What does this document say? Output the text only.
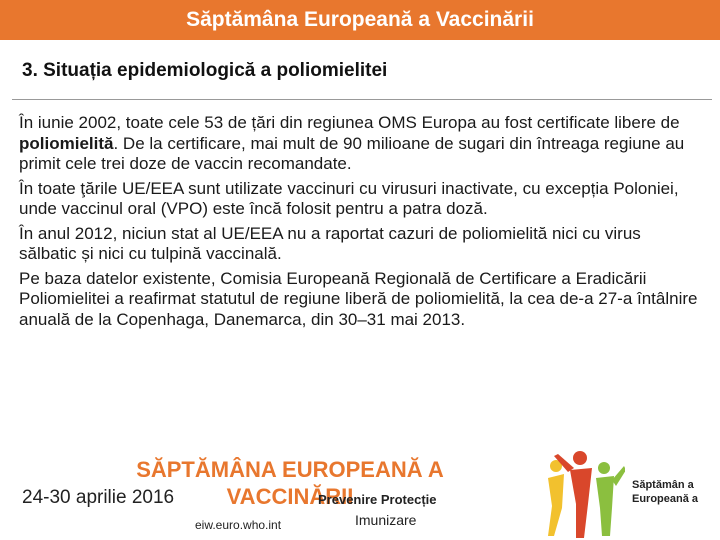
Săptămâna Europeană a Vaccinării
3. Situația epidemiologică a poliomielitei

În iunie 2002, toate cele 53 de țări din regiunea OMS Europa au fost certificate libere de poliomielită. De la certificare, mai mult de 90 milioane de sugari din întreaga regiune au primit cele trei doze de vaccin recomandate.

În toate ţările UE/EEA sunt utilizate vaccinuri cu virusuri inactivate, cu excepția Poloniei, unde vaccinul oral (VPO) este încă folosit pentru a patra doză.

În anul 2012, niciun stat al UE/EEA nu a raportat cazuri de poliomielită nici cu virus sălbatic și nici cu tulpină vaccinală.

Pe baza datelor existente, Comisia Europeană Regională de Certificare a Eradicării Poliomielitei a reafirmat statutul de regiune liberă de poliomielită, la cea de-a 27-a întâlnire anuală de la Copenhaga, Danemarca, din 30–31 mai 2013.

SĂPTĂMÂNA EUROPEANĂ A VACCINĂRII
24-30 aprilie 2016
eiw.euro.who.int
Prevenire Protecție
Imunizare
Săptămân a Europeană a
